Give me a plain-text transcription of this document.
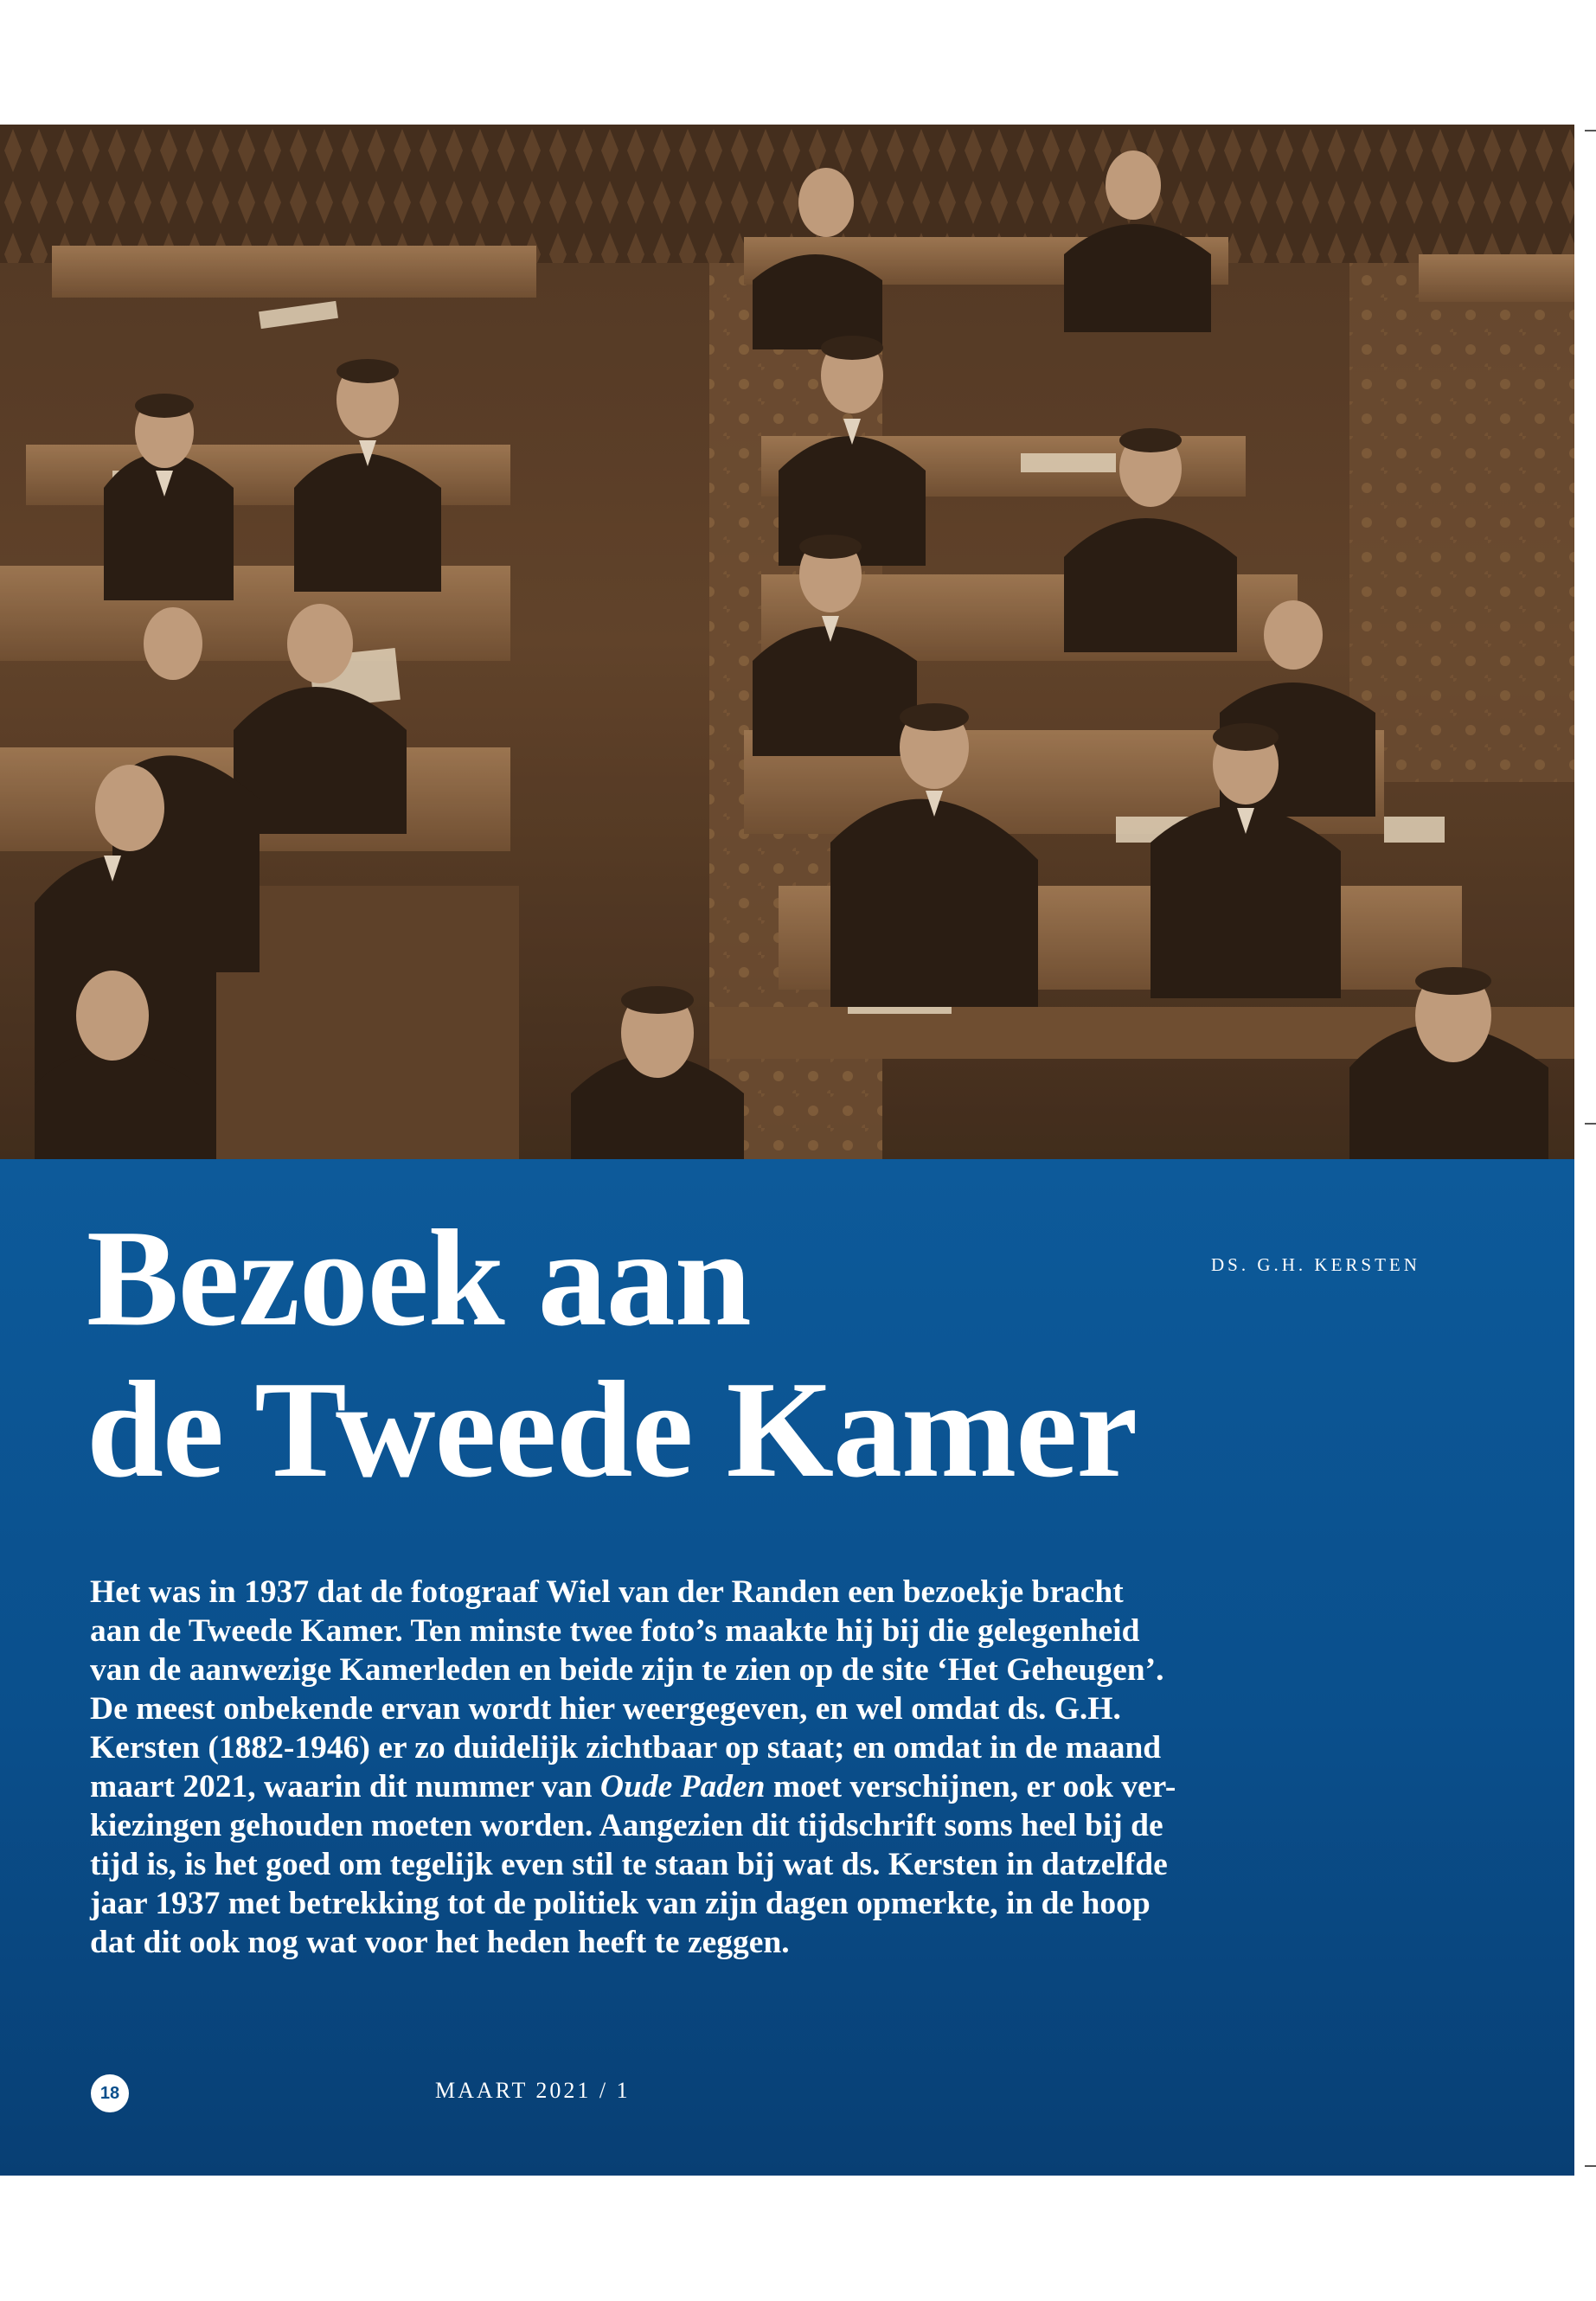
Bezoek aan
de Tweede Kamer
DS. G.H. KERSTEN
Het was in 1937 dat de fotograaf Wiel van der Randen een bezoekje bracht
aan de Tweede Kamer. Ten minste twee foto’s maakte hij bij die gelegenheid
van de aanwezige Kamerleden en beide zijn te zien op de site ‘Het Geheugen’.
De meest onbekende ervan wordt hier weergegeven, en wel omdat ds. G.H.
Kersten (1882-1946) er zo duidelijk zichtbaar op staat; en omdat in de maand
maart 2021, waarin dit nummer van Oude Paden moet verschijnen, er ook ver-
kiezingen gehouden moeten worden. Aangezien dit tijdschrift soms heel bij de
tijd is, is het goed om tegelijk even stil te staan bij wat ds. Kersten in datzelfde
jaar 1937 met betrekking tot de politiek van zijn dagen opmerkte, in de hoop
dat dit ook nog wat voor het heden heeft te zeggen.
18	MAART 2021 / 1
